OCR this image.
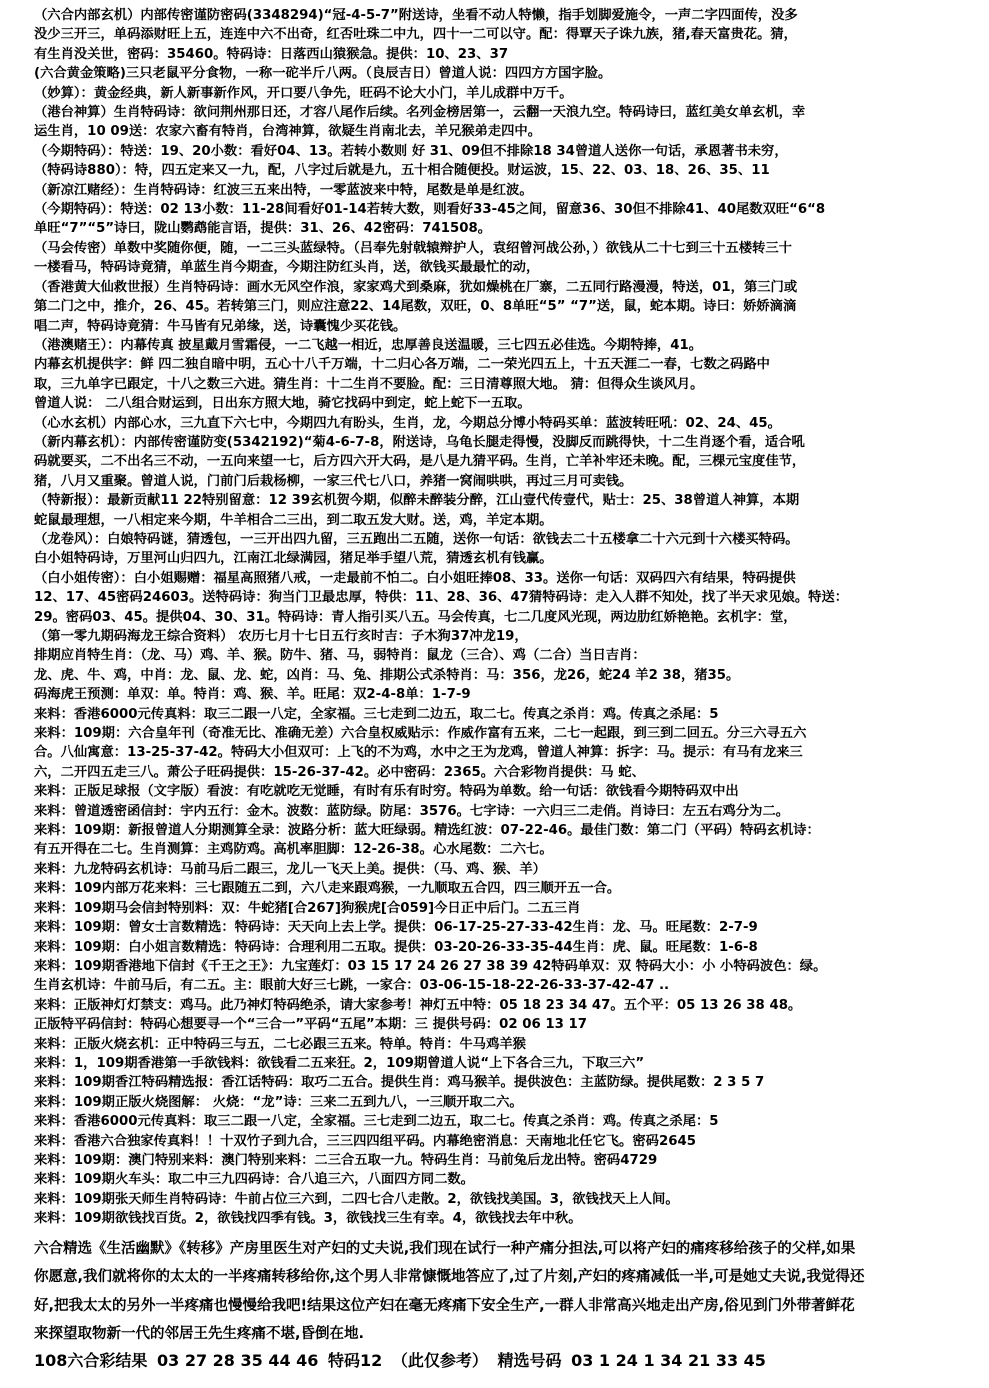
（六合内部玄机）内部传密谨防密码(3348294)“冠-4-5-7”附送诗，坐看不动人特懒，指手划脚爱施令，一声二字四面传，没多

没少三开三，单码添财旺上五，连连中六不出奇，红否吐珠二中九，四十一二可以守。配：得覃天子诛九族，猪,春天富贵花。猜，

有生肖没关世，密码：35460。特码诗：日落西山猿猴急。提供：10、23、37

(六合黄金策略)三只老鼠平分食物，一称一砣半斤八两。（良辰吉日）曾道人说：四四方方国字脸。

（妙算）：黄金经典，新人新事新作风，开口要八争先，旺码不论大小门，羊儿成群中万千。

（港台神算）生肖特码诗：欲问荆州那日还，才容八尾作后续。名列金榜居第一，云翻一天浪九空。特码诗曰，蓝红美女单玄机，幸

运生肖，10 09送：农家六畜有特肖，台湾神算，欲疑生肖南北去，羊兄猴弟走四中。

（今期特码）：特送：19、20小数：看好04、13。若转小数则 好 31、09但不排除18 34曾道人送你一句话，承恩著书未穷，

（特码诗880）：特，四五定来又一九，配，八字过后就是九，五十相合随便投。财运波，15、22、03、18、26、35、11

（新凉江赌经）：生肖特码诗：红波三五来出特，一零蓝波来中特，尾数是单是红波。

（今期特码）：特送：02 13小数：11-28间看好01-14若转大数，则看好33-45之间，留意36、30但不排除41、40尾数双旺“6“8

单旺“7”“5”诗曰，陇山鹦鹉能言语，提供：31、26、42密码：741508。

（马会传密）单数中奖随你便，随，一二三头蓝绿特。（吕奉先射戟辕辩护人，袁绍曾河战公孙，）欲钱从二十七到三十五楼转三十

一楼看马，特码诗竟猜，单蓝生肖今期查，今期注防红头肖，送，欲钱买最最忙的动，

（香港黄大仙救世报）生肖特码诗：画水无风空作浪，家家鸡犬到桑麻，犹如燥桃在厂寨，二五同行路漫漫，特送，01，第三门或

第二门之中，推介，26、45。若转第三门，则应注意22、14尾数，双旺，0、8单旺“5” “7”送，鼠，蛇本期。诗曰：娇娇滴滴

唱二声，特码诗竟猜：牛马皆有兄弟缘，送，诗囊愧少买花钱。

（港澳赌王）：内幕传真 披星戴月雪霜侵，一二飞越一相近，忠厚善良送温暖，三七四五必佳选。今期特捧，41。

内幕玄机提供字：鲜 四二独自暗中明，五心十八千万端，十二归心各万端，二一荣光四五上，十五天涯二一春，七数之码路中

取，三九单字已跟定，十八之数三六进。猜生肖：十二生肖不要脸。配：三日清尊照大地。 猜：但得众生谈风月。

曾道人说： 二八组合财运到，日出东方照大地，骑它找码中到定，蛇上蛇下一五取。

（心水玄机）内部心水，三九直下六七中，今期四九有盼头，生肖，龙，今期总分博小特码买单：蓝波转旺吼：02、24、45。

（新内幕玄机）：内部传密谨防变(5342192)“菊4-6-7-8，附送诗，乌龟长腿走得慢，没脚反而跳得快，十二生肖逐个看，适合吼

码就要买，二不出名三不动，一五向来望一七，后方四六开大码，是八是九猜平码。生肖，亡羊补牢还未晚。配，三棵元宝度佳节，

猪，八月又重聚。曾道人说，门前门后栽杨柳，一家三代七八口，养猪一窝闹哄哄，再过三月可卖钱。

（特新报）：最新贡献11 22特别留意：12 39玄机贺今期，似醉未醉装分醉，江山壹代传壹代，贴士：25、38曾道人神算，本期

蛇鼠最理想，一八相定来今期，牛羊相合二三出，到二取五发大财。送，鸡，羊定本期。

（龙卷风）：白娘特码谜，猜透包，一三开出四九留，三五跑出二五随，送你一句话：欲钱去二十五楼拿二十六元到十六楼买特码。

白小姐特码诗，万里河山归四九，江南江北绿满园，猪足举手望八荒，猜透玄机有钱赢。

（白小姐传密）：白小姐赐赠：福星高照猪八戒，一走最前不怕二。白小姐旺捧08、33。送你一句话：双码四六有结果，特码提供

12、17、45密码24603。送特码诗：狗当门卫最忠厚，特供：11、28、36、47猜特码诗：走入人群不知处，找了半天求见娘。特送：

29。密码03、45。提供04、30、31。特码诗：青人指引买八五。马会传真，七二几度风光现，两边肋红娇艳艳。玄机字：堂，

（第一零九期码海龙王综合资料） 农历七月十七日五行亥时吉：子木狗37冲龙19，

排期应肖特生肖：（龙、马）鸡、羊、猴。防牛、猪、马，弱特肖：鼠龙（三合）、鸡（二合）当日吉肖：

龙、虎、牛、鸡，中肖：龙、鼠、龙、蛇，凶肖：马、兔、排期公式杀特肖：马：356，龙26，蛇24 羊2 38，猪35。

码海虎王预测：单双：单。特肖：鸡、猴、羊。旺尾：双2-4-8单：1-7-9

来料：香港6000元传真料：取三二跟一八定，全家福。三七走到二边五，取二七。传真之杀肖：鸡。传真之杀尾：5

来料：109期：六合皇年刊（奇准无比、准确无差）六合皇权威贴示：作威作富有五来，二七一起跟，到三到二回五。分三六寻五六

合。八仙寓意：13-25-37-42。特码大小但双可：上飞的不为鸡，水中之王为龙鸡，曾道人神算：拆字：马。提示：有马有龙来三

六，二开四五走三八。萧公子旺码提供：15-26-37-42。必中密码：2365。六合彩物肖提供：马 蛇、

来料：正版足球报（文字版）看波：有吃就吃无觉睡，有时有乐有时穷。特码为单数。给一句话：欲钱看今期特码双中出

来料：曾道透密函信封：宇内五行：金木。波数：蓝防绿。防尾：3576。七字诗：一六归三二走俏。肖诗曰：左五右鸡分为二。

来料：109期：新报曾道人分期测算全录：波路分析：蓝大旺绿弱。精选红波：07-22-46。最佳门数：第二门（平码）特码玄机诗：

有五开得在二七。生肖测算：主鸡防鸡。高机率胆脚：12-26-38。心水尾数：二六七。

来料：九龙特码玄机诗：马前马后二跟三，龙儿一飞天上美。提供：（马、鸡、猴、羊）

来料：109内部万花来料：三七跟随五二到，六八走来跟鸡猴，一九顺取五合四，四三顺开五一合。

来料：109期马会信封特别料：双：牛蛇猪[合267]狗猴虎[合059]今日正中后门。二五三肖

来料：109期：曾女士言数精选：特码诗：天天向上去上学。提供：06-17-25-27-33-42生肖：龙、马。旺尾数：2-7-9

来料：109期：白小姐言数精选：特码诗：合理利用二五取。提供：03-20-26-33-35-44生肖：虎、鼠。旺尾数：1-6-8

来料：109期香港地下信封《千王之王》：九宝莲灯：03 15 17 24 26 27 38 39 42特码单双：双 特码大小：小 小特码波色：绿。

生肖玄机诗：牛前马后，有二五。主：眼前大好三七跳，一家合：03-06-15-18-22-26-33-37-42-47 ..

来料：正版神灯灯禁支：鸡马。此乃神灯特码绝杀，请大家参考！神灯五中特：05 18 23 34 47。五个平：05 13 26 38 48。

正版特平码信封：特码心想要寻一个“三合一”平码“五尾”本期：三 提供号码：02 06 13 17

来料：正版火烧玄机：正中特码三与五，二七必跟三五来。特单。特肖：牛马鸡羊猴

来料：1，109期香港第一手欲钱料：欲钱看二五来狂。2，109期曾道人说“上下各合三九，下取三六”

来料：109期香江特码精选报：香江话特码：取巧二五合。提供生肖：鸡马猴羊。提供波色：主蓝防绿。提供尾数：2 3 5 7

来料：109期正版火烧图解： 火烧：“龙”诗：三来二五到九八，一三顺开取二六。

来料：香港6000元传真料：取三二跟一八定，全家福。三七走到二边五，取二七。传真之杀肖：鸡。传真之杀尾：5

来料：香港六合独家传真料！！十双竹子到九合，三三四四组平码。内幕绝密消息：天南地北任它飞。密码2645

来料：109期：澳门特别来料：澳门特别来料：二三合五取一九。特码生肖：马前兔后龙出特。密码4729

来料：109期火车头：取二中三九四码诗：合八追三六，八面四方同二数。

来料：109期张天师生肖特码诗：牛前占位三六到，二四七合八走散。2，欲钱找美国。3，欲钱找天上人间。

来料：109期欲钱找百货。2，欲钱找四季有钱。3，欲钱找三生有幸。4，欲钱找去年中秋。

六合精选《生活幽默》《转移》产房里医生对产妇的丈夫说,我们现在试行一种产痛分担法,可以将产妇的痛疼移给孩子的父样,如果

你愿意,我们就将你的太太的一半疼痛转移给你,这个男人非常慷慨地答应了,过了片刻,产妇的疼痛减低一半,可是她丈夫说,我觉得还

好,把我太太的另外一半疼痛也慢慢给我吧!结果这位产妇在毫无疼痛下安全生产,一群人非常高兴地走出产房,俗见到门外带著鲜花

来探望取物新一代的邻居王先生疼痛不堪,昏倒在地.

108六合彩结果 03 27 28 35 44 46 特码12 （此仅参考） 精选号码 03 1 24 1 34 21 33 45
